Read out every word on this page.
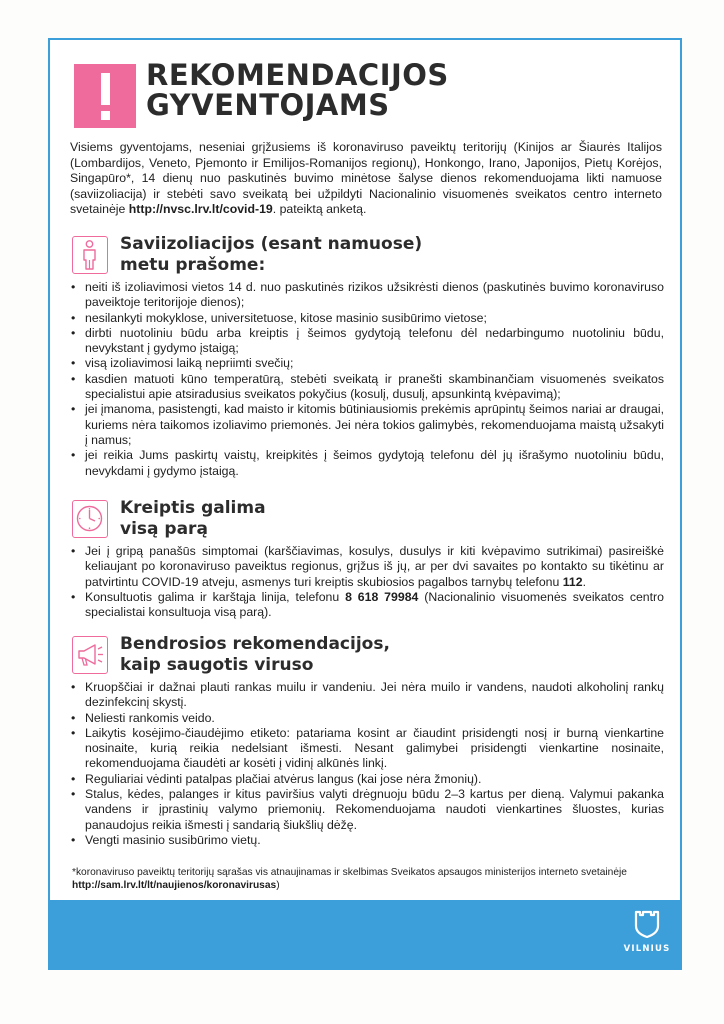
REKOMENDACIJOS
GYVENTOJAMS

Visiems gyventojams, neseniai grįžusiems iš koronaviruso paveiktų teritorijų (Kinijos ar Šiaurės Italijos (Lombardijos, Veneto, Pjemonto ir Emilijos-Romanijos regionų), Honkongo, Irano, Japonijos, Pietų Korėjos, Singapūro*, 14 dienų nuo paskutinės buvimo minėtose šalyse dienos rekomenduojama likti namuose (saviizoliacija) ir stebėti savo sveikatą bei užpildyti Nacionalinio visuomenės sveikatos centro interneto svetainėje http://nvsc.lrv.lt/covid-19. pateiktą anketą.

Saviizoliacijos (esant namuose)
metu prašome:
• neiti iš izoliavimosi vietos 14 d. nuo paskutinės rizikos užsikrėsti dienos (paskutinės buvimo koronaviruso paveiktoje teritorijoje dienos);
• nesilankyti mokyklose, universitetuose, kitose masinio susibūrimo vietose;
• dirbti nuotoliniu būdu arba kreiptis į šeimos gydytoją telefonu dėl nedarbingumo nuotoliniu būdu, nevykstant į gydymo įstaigą;
• visą izoliavimosi laiką nepriimti svečių;
• kasdien matuoti kūno temperatūrą, stebėti sveikatą ir pranešti skambinančiam visuomenės sveikatos specialistui apie atsiradusius sveikatos pokyčius (kosulį, dusulį, apsunkintą kvėpavimą);
• jei įmanoma, pasistengti, kad maisto ir kitomis būtiniausiomis prekėmis aprūpintų šeimos nariai ar draugai, kuriems nėra taikomos izoliavimo priemonės. Jei nėra tokios galimybės, rekomenduojama maistą užsakyti į namus;
• jei reikia Jums paskirtų vaistų, kreipkitės į šeimos gydytoją telefonu dėl jų išrašymo nuotoliniu būdu, nevykdami į gydymo įstaigą.
Kreiptis galima
visą parą
• Jei į gripą panašūs simptomai (karščiavimas, kosulys, dusulys ir kiti kvėpavimo sutrikimai) pasireiškė keliaujant po koronaviruso paveiktus regionus, grįžus iš jų, ar per dvi savaites po kontakto su tikėtinu ar patvirtintu COVID-19 atveju, asmenys turi kreiptis skubiosios pagalbos tarnybų telefonu 112.
• Konsultuotis galima ir karštąja linija, telefonu 8 618 79984 (Nacionalinio visuomenės sveikatos centro specialistai konsultuoja visą parą).
Bendrosios rekomendacijos,
kaip saugotis viruso
• Kruopščiai ir dažnai plauti rankas muilu ir vandeniu. Jei nėra muilo ir vandens, naudoti alkoholinį rankų dezinfekcinį skystį.
• Neliesti rankomis veido.
• Laikytis kosėjimo-čiaudėjimo etiketo: patariama kosint ar čiaudint prisidengti nosį ir burną vienkartine nosinaite, kurią reikia nedelsiant išmesti. Nesant galimybei prisidengti vienkartine nosinaite, rekomenduojama čiaudėti ar kosėti į vidinį alkūnės linkį.
• Reguliariai vėdinti patalpas plačiai atvėrus langus (kai jose nėra žmonių).
• Stalus, kėdes, palanges ir kitus paviršius valyti drėgnuoju būdu 2–3 kartus per dieną. Valymui pakanka vandens ir įprastinių valymo priemonių. Rekomenduojama naudoti vienkartines šluostes, kurias panaudojus reikia išmesti į sandarią šiukšlių dėžę.
• Vengti masinio susibūrimo vietų.

*koronaviruso paveiktų teritorijų sąrašas vis atnaujinamas ir skelbimas Sveikatos apsaugos ministerijos interneto svetainėje http://sam.lrv.lt/lt/naujienos/koronavirusas)

VILNIUS
